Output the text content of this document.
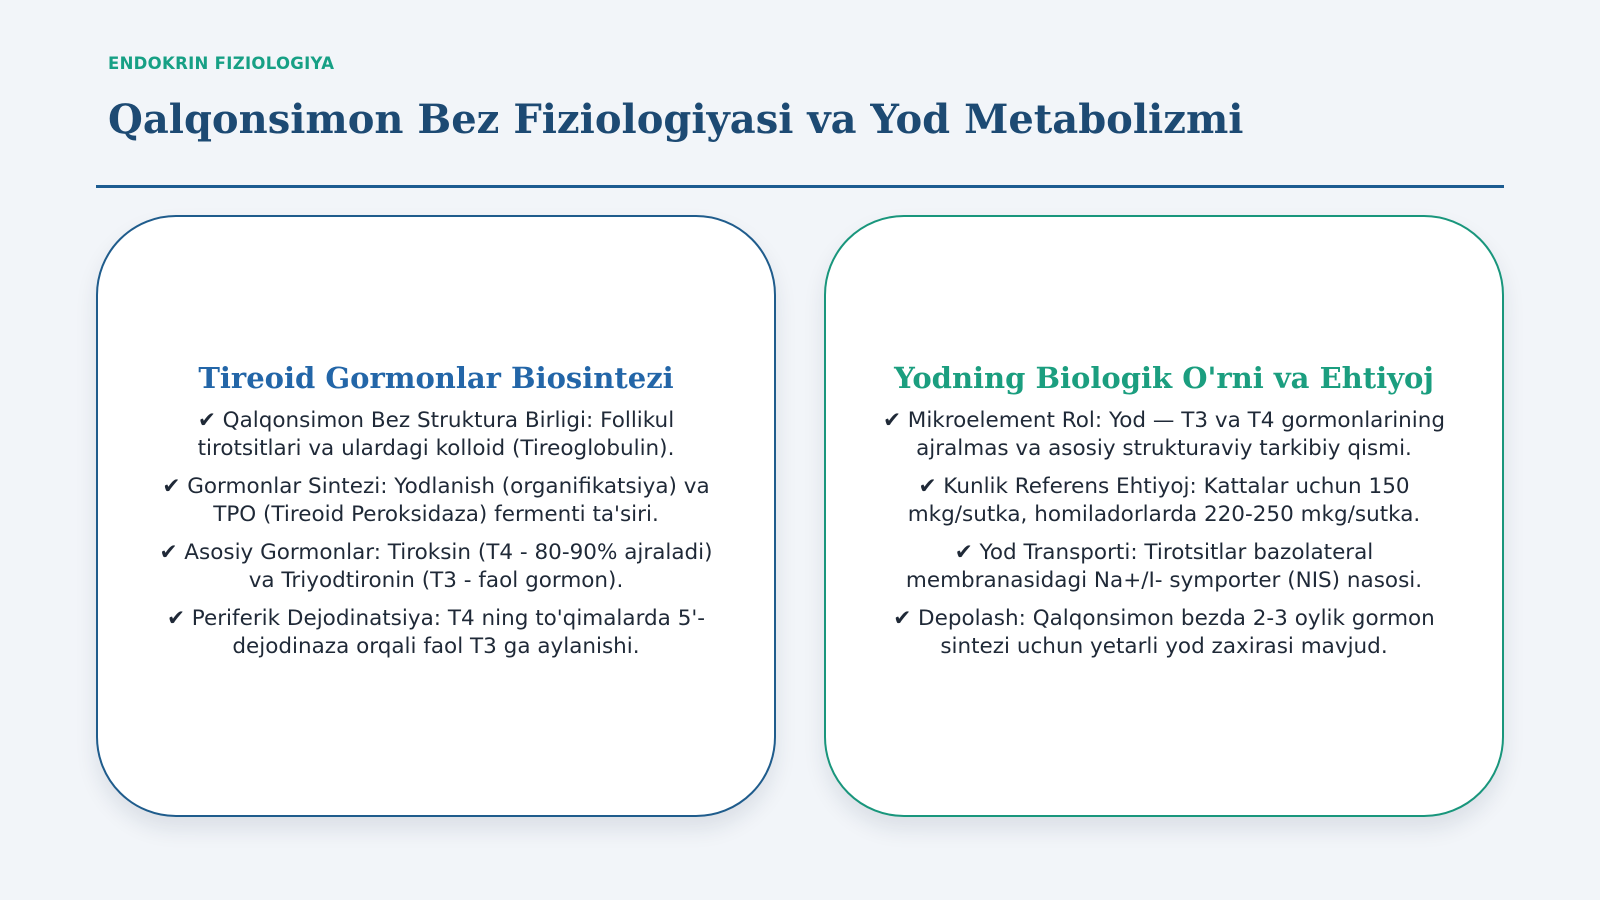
ENDOKRIN FIZIOLOGIYA
Qalqonsimon Bez Fiziologiyasi va Yod Metabolizmi
Tireoid Gormonlar Biosintezi
✔ Qalqonsimon Bez Struktura Birligi: Follikul tirotsitlari va ulardagi kolloid (Tireoglobulin).
✔ Gormonlar Sintezi: Yodlanish (organifikatsiya) va TPO (Tireoid Peroksidaza) fermenti ta'siri.
✔ Asosiy Gormonlar: Tiroksin (T4 - 80-90% ajraladi) va Triyodtironin (T3 - faol gormon).
✔ Periferik Dejodinatsiya: T4 ning to'qimalarda 5'-dejodinaza orqali faol T3 ga aylanishi.
Yodning Biologik O'rni va Ehtiyoj
✔ Mikroelement Rol: Yod — T3 va T4 gormonlarining ajralmas va asosiy strukturaviy tarkibiy qismi.
✔ Kunlik Referens Ehtiyoj: Kattalar uchun 150 mkg/sutka, homiladorlarda 220-250 mkg/sutka.
✔ Yod Transporti: Tirotsitlar bazolateral membranasidagi Na+/I- symporter (NIS) nasosi.
✔ Depolash: Qalqonsimon bezda 2-3 oylik gormon sintezi uchun yetarli yod zaxirasi mavjud.
